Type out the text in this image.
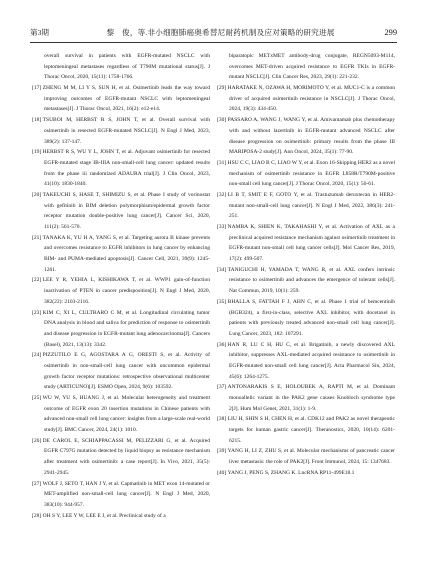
第3期	黎　俊，等.非小细胞肺癌奥希替尼耐药机制及应对策略的研究进展	299

overall survival in patients with EGFR-mutated NSCLC with leptomeningeal metastases regardless of T790M mutational status[J]. J Thorac Oncol, 2020, 15(11): 1758-1766.

[17] ZHENG M M, LI Y S, SUN H, et al. Osimertinib leads the way toward improving outcomes of EGFR-mutant NSCLC with leptomeningeal metastases[J]. J Thorac Oncol, 2021, 16(2): e12-e14.

[18] TSUBOI M, HERBST R S, JOHN T, et al. Overall survival with osimertinib in resected EGFR-mutated NSCLC[J]. N Engl J Med, 2023, 389(2): 137-147.

[19] HERBST R S, WU Y L, JOHN T, et al. Adjuvant osimertinib for resected EGFR-mutated stage IB-IIIA non-small-cell lung cancer: updated results from the phase iii randomized ADAURA trial[J]. J Clin Oncol, 2023, 41(10): 1830-1840.

[20] TAKEUCHI S, HASE T, SHIMIZU S, et al. Phase I study of vorinostat with gefitinib in BIM deletion polymorphism/epidermal growth factor receptor mutation double-positive lung cancer[J]. Cancer Sci, 2020, 111(2): 561-570.

[21] TANAKA K, YU H A, YANG S, et al. Targeting aurora B kinase prevents and overcomes resistance to EGFR inhibitors in lung cancer by enhancing BIM- and PUMA-mediated apoptosis[J]. Cancer Cell, 2021, 39(9): 1245-1261.

[22] LEE Y R, YEHIA L, KISHIKAWA T, et al. WWP1 gain-of-function inactivation of PTEN in cancer predisposition[J]. N Engl J Med, 2020, 382(22): 2103-2116.

[23] KIM C, XI L, CULTRARO C M, et al. Longitudinal circulating tumor DNA analysis in blood and saliva for prediction of response to osimertinib and disease progression in EGFR-mutant lung adenocarcinoma[J]. Cancers (Basel), 2021, 13(13): 3342.

[24] PIZZUTILO E G, AGOSTARA A G, ORESTI S, et al. Activity of osimertinib in non-small-cell lung cancer with uncommon epidermal growth factor receptor mutations: retrospective observational multicenter study (ARTICUNO)[J]. ESMO Open, 2024, 9(6): 103592.

[25] WU W, YU S, HUANG J, et al. Molecular heterogeneity and treatment outcome of EGFR exon 20 insertion mutations in Chinese patients with advanced non-small cell lung cancer: insights from a large-scale real-world study[J]. BMC Cancer, 2024, 24(1): 1010.

[26] DE CAROL E, SCHIAPPACASSI M, PELIZZARI G, et al. Acquired EGFR C797G mutation detected by liquid biopsy as resistance mechanism after treatment with osimertinib: a case report[J]. In Vivo, 2021, 35(5): 2941-2945.

[27] WOLF J, SETO T, HAN J Y, et al. Capmatinib in MET exon 14-mutated or MET-amplified non-small-cell lung cancer[J]. N Engl J Med, 2020, 383(10): 944-957.

[28] OH S Y, LEE Y W, LEE E J, et al. Preclinical study of a

biparatopic METxMET antibody-drug conjugate, REGN5093-M114, overcomes MET-driven acquired resistance to EGFR TKIs in EGFR-mutant NSCLC[J]. Clin Cancer Res, 2023, 29(1): 221-232.

[29] HARATAKE N, OZAWA H, MORIMOTO Y, et al. MUC1-C is a common driver of acquired osimertinib resistance in NSCLC[J]. J Thorac Oncol, 2024, 19(3): 434-450.

[30] PASSARO A, WANG J, WANG Y, et al. Amivantamab plus chemotherapy with and without lazertinib in EGFR-mutant advanced NSCLC after disease progression on osimertinib: primary results from the phase III MARIPOSA-2 study[J]. Ann Oncol, 2024, 35(1): 77-90.

[31] HSU C C, LIAO B C, LIAO W Y, et al. Exon 16-Skipping HER2 as a novel mechanism of osimertinib resistance in EGFR L858R/T790M-positive non-small cell lung cancer[J]. J Thorac Oncol, 2020, 15(1): 50-61.

[32] LI B T, SMIT E F, GOTO Y, et al. Trastuzumab deruxtecan in HER2-mutant non-small-cell lung cancer[J]. N Engl J Med, 2022, 386(3): 241-251.

[33] NAMBA K, SHIEN K, TAKAHASHI Y, et al. Activation of AXL as a preclinical acquired resistance mechanism against osimertinib treatment in EGFR-mutant non-small cell lung cancer cells[J]. Mol Cancer Res, 2019, 17(2): 499-507.

[34] TANIGUCHI H, YAMADA T, WANG R, et al. AXL confers intrinsic resistance to osimertinib and advances the emergence of tolerant cells[J]. Nat Commun, 2019, 10(1): 259.

[35] BHALLA S, FATTAH F J, AHN C, et al. Phase 1 trial of bemcentinib (BGB324), a first-in-class, selective AXL inhibitor, with docetaxel in patients with previously treated advanced non-small cell lung cancer[J]. Lung Cancer, 2023, 182: 107291.

[36] HAN R, LU C H, HU C, et al. Brigatinib, a newly discovered AXL inhibitor, suppresses AXL-mediated acquired resistance to osimertinib in EGFR-mutated non-small cell lung cancer[J]. Acta Pharmacol Sin, 2024, 45(6): 1264-1275.

[37] ANTONARAKIS S E, HOLOUBEK A, RAPTI M, et al. Dominant monoallelic variant in the PAK2 gene causes Knobloch syndrome type 2[J]. Hum Mol Genet, 2021, 31(1): 1-9.

[38] LIU H, SHIN S H, CHEN H, et al. CDK12 and PAK2 as novel therapeutic targets for human gastric cancer[J]. Theranostics, 2020, 10(14): 6201-6215.

[39] YANG H, LI Z, ZHU S, et al. Molecular mechanisms of pancreatic cancer liver metastasis: the role of PAK2[J]. Front Immunol, 2024, 15: 1347683.

[40] YANG J, PENG S, ZHANG K. LncRNA RP11-499E18.1
